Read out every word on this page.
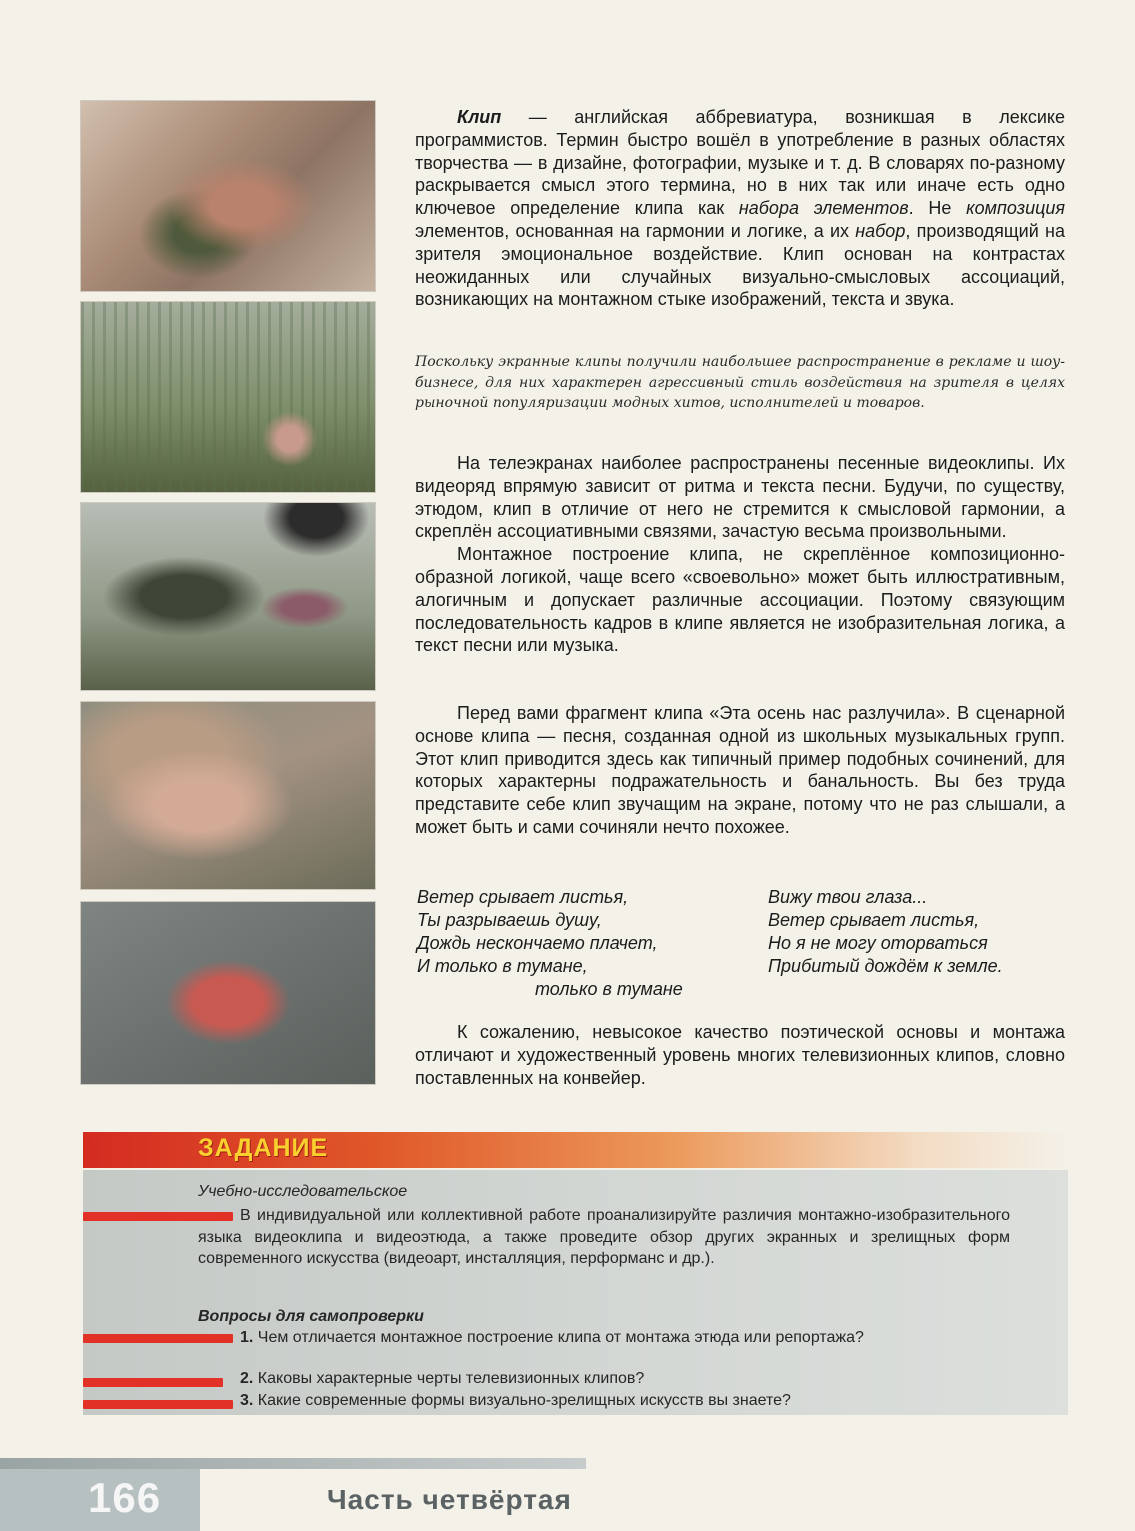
Клип — английская аббревиатура, возникшая в лексике программистов. Термин быстро вошёл в употребление в разных областях творчества — в дизайне, фотографии, музыке и т. д. В словарях по-разному раскрывается смысл этого термина, но в них так или иначе есть одно ключевое определение клипа как набора элементов. Не композиция элементов, основанная на гармонии и логике, а их набор, производящий на зрителя эмоциональное воздействие. Клип основан на контрастах неожиданных или случайных визуально-смысловых ассоциаций, возникающих на монтажном стыке изображений, текста и звука.

Поскольку экранные клипы получили наибольшее распространение в рекламе и шоу-бизнесе, для них характерен агрессивный стиль воздействия на зрителя в целях рыночной популяризации модных хитов, исполнителей и товаров.

На телеэкранах наиболее распространены песенные видеоклипы. Их видеоряд впрямую зависит от ритма и текста песни. Будучи, по существу, этюдом, клип в отличие от него не стремится к смысловой гармонии, а скреплён ассоциативными связями, зачастую весьма произвольными.

Монтажное построение клипа, не скреплённое композиционно-образной логикой, чаще всего «своевольно» может быть иллюстративным, алогичным и допускает различные ассоциации. Поэтому связующим последовательность кадров в клипе является не изобразительная логика, а текст песни или музыка.

Перед вами фрагмент клипа «Эта осень нас разлучила». В сценарной основе клипа — песня, созданная одной из школьных музыкальных групп. Этот клип приводится здесь как типичный пример подобных сочинений, для которых характерны подражательность и банальность. Вы без труда представите себе клип звучащим на экране, потому что не раз слышали, а может быть и сами сочиняли нечто похожее.

Ветер срывает листья,
Ты разрываешь душу,
Дождь нескончаемо плачет,
И только в тумане,
только в тумане
Вижу твои глаза...
Ветер срывает листья,
Но я не могу оторваться
Прибитый дождём к земле.

К сожалению, невысокое качество поэтической основы и монтажа отличают и художественный уровень многих телевизионных клипов, словно поставленных на конвейер.

ЗАДАНИЕ
Учебно-исследовательское
В индивидуальной или коллективной работе проанализируйте различия монтажно-изобразительного языка видеоклипа и видеоэтюда, а также проведите обзор других экранных и зрелищных форм современного искусства (видеоарт, инсталляция, перформанс и др.).
Вопросы для самопроверки
1. Чем отличается монтажное построение клипа от монтажа этюда или репортажа?
2. Каковы характерные черты телевизионных клипов?
3. Какие современные формы визуально-зрелищных искусств вы знаете?
166	Часть четвёртая
